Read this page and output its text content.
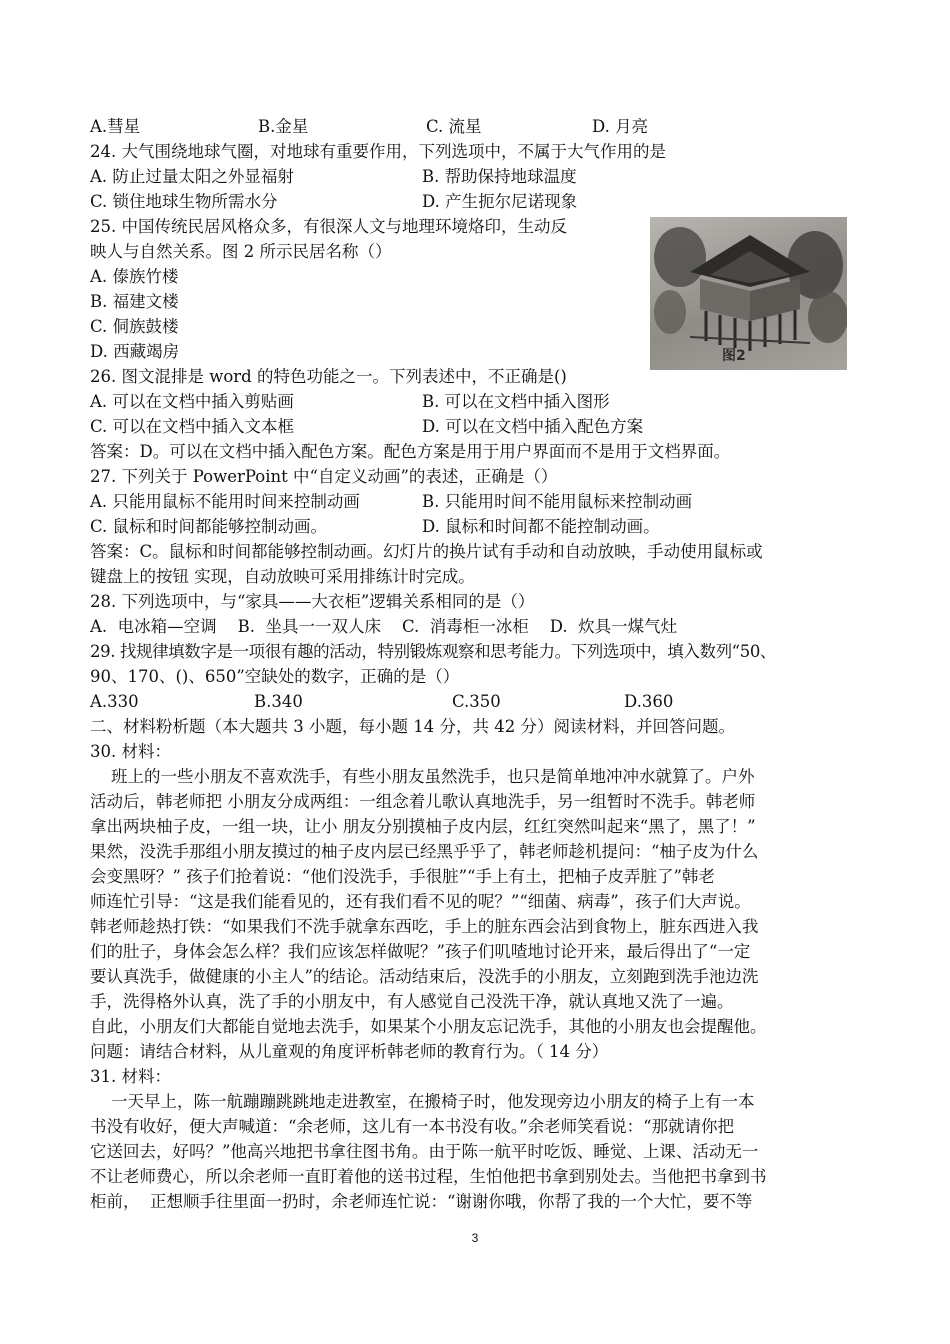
A.彗星	B.金星	C. 流星	D. 月亮
24. 大气围绕地球气圈，对地球有重要作用，下列选项中，不属于大气作用的是
A. 防止过量太阳之外显福射	B. 帮助保持地球温度
C. 锁住地球生物所需水分	D. 产生扼尔尼诺现象
25. 中国传统民居风格众多，有很深人文与地理环境烙印，生动反
映人与自然关系。图 2 所示民居名称（）
A. 傣族竹楼
B. 福建文楼
C. 侗族鼓楼
D. 西藏竭房	图2
26. 图文混排是 word 的特色功能之一。下列表述中，不正确是()
A. 可以在文档中插入剪贴画	B. 可以在文档中插入图形
C. 可以在文档中插入文本框	D. 可以在文档中插入配色方案
答案：D。可以在文档中插入配色方案。配色方案是用于用户界面而不是用于文档界面。
27. 下列关于 PowerPoint 中“自定义动画”的表述，正确是（）
A. 只能用鼠标不能用时间来控制动画	B. 只能用时间不能用鼠标来控制动画
C. 鼠标和时间都能够控制动画。	D. 鼠标和时间都不能控制动画。
答案：C。鼠标和时间都能够控制动画。幻灯片的换片试有手动和自动放映，手动使用鼠标或
键盘上的按钮 实现，自动放映可采用排练计时完成。
28. 下列选项中，与“家具——大衣柜”逻辑关系相同的是（）
A.  电冰箱—空调    B.  坐具一一双人床    C.  消毒柜一冰柜    D.  炊具一煤气灶
29. 找规律填数字是一项很有趣的活动，特别锻炼观察和思考能力。下列选项中，填入数列“50、
90、170、()、650”空缺处的数字，正确的是（）
A.330	B.340	C.350	D.360
二、材料粉析题（本大题共 3 小题，每小题 14 分，共 42 分）阅读材料，并回答问题。
30. 材料：
班上的一些小朋友不喜欢洗手，有些小朋友虽然洗手，也只是简单地冲冲水就算了。户外
活动后，韩老师把 小朋友分成两组：一组念着儿歌认真地洗手，另一组暂时不洗手。韩老师
拿出两块柚子皮，一组一块，让小 朋友分别摸柚子皮内层，红红突然叫起来“黑了，黑了！”
果然，没洗手那组小朋友摸过的柚子皮内层已经黑乎乎了，韩老师趁机提问：“柚子皮为什么
会变黑呀？” 孩子们抢着说：“他们没洗手，手很脏”“手上有土，把柚子皮弄脏了”韩老
师连忙引导：“这是我们能看见的，还有我们看不见的呢？”“细菌、病毒”，孩子们大声说。
韩老师趁热打铁：“如果我们不洗手就拿东西吃，手上的脏东西会沾到食物上，脏东西进入我
们的肚子，身体会怎么样？我们应该怎样做呢？”孩子们叽喳地讨论开来，最后得出了“一定
要认真洗手，做健康的小主人”的结论。活动结束后，没洗手的小朋友，立刻跑到洗手池边洗
手，洗得格外认真，洗了手的小朋友中，有人感觉自己没洗干净，就认真地又洗了一遍。
自此，小朋友们大都能自觉地去洗手，如果某个小朋友忘记洗手，其他的小朋友也会提醒他。
问题：请结合材料，从儿童观的角度评析韩老师的教育行为。（ 14 分）
31. 材料：
一天早上，陈一航蹦蹦跳跳地走进教室，在搬椅子时，他发现旁边小朋友的椅子上有一本
书没有收好，便大声喊道：“余老师，这儿有一本书没有收。”余老师笑看说：“那就请你把
它送回去，好吗？”他高兴地把书拿往图书角。由于陈一航平时吃饭、睡觉、上课、活动无一
不让老师费心，所以余老师一直盯着他的送书过程，生怕他把书拿到别处去。当他把书拿到书
柜前，  正想顺手往里面一扔时，余老师连忙说：“谢谢你哦，你帮了我的一个大忙，要不等
3
